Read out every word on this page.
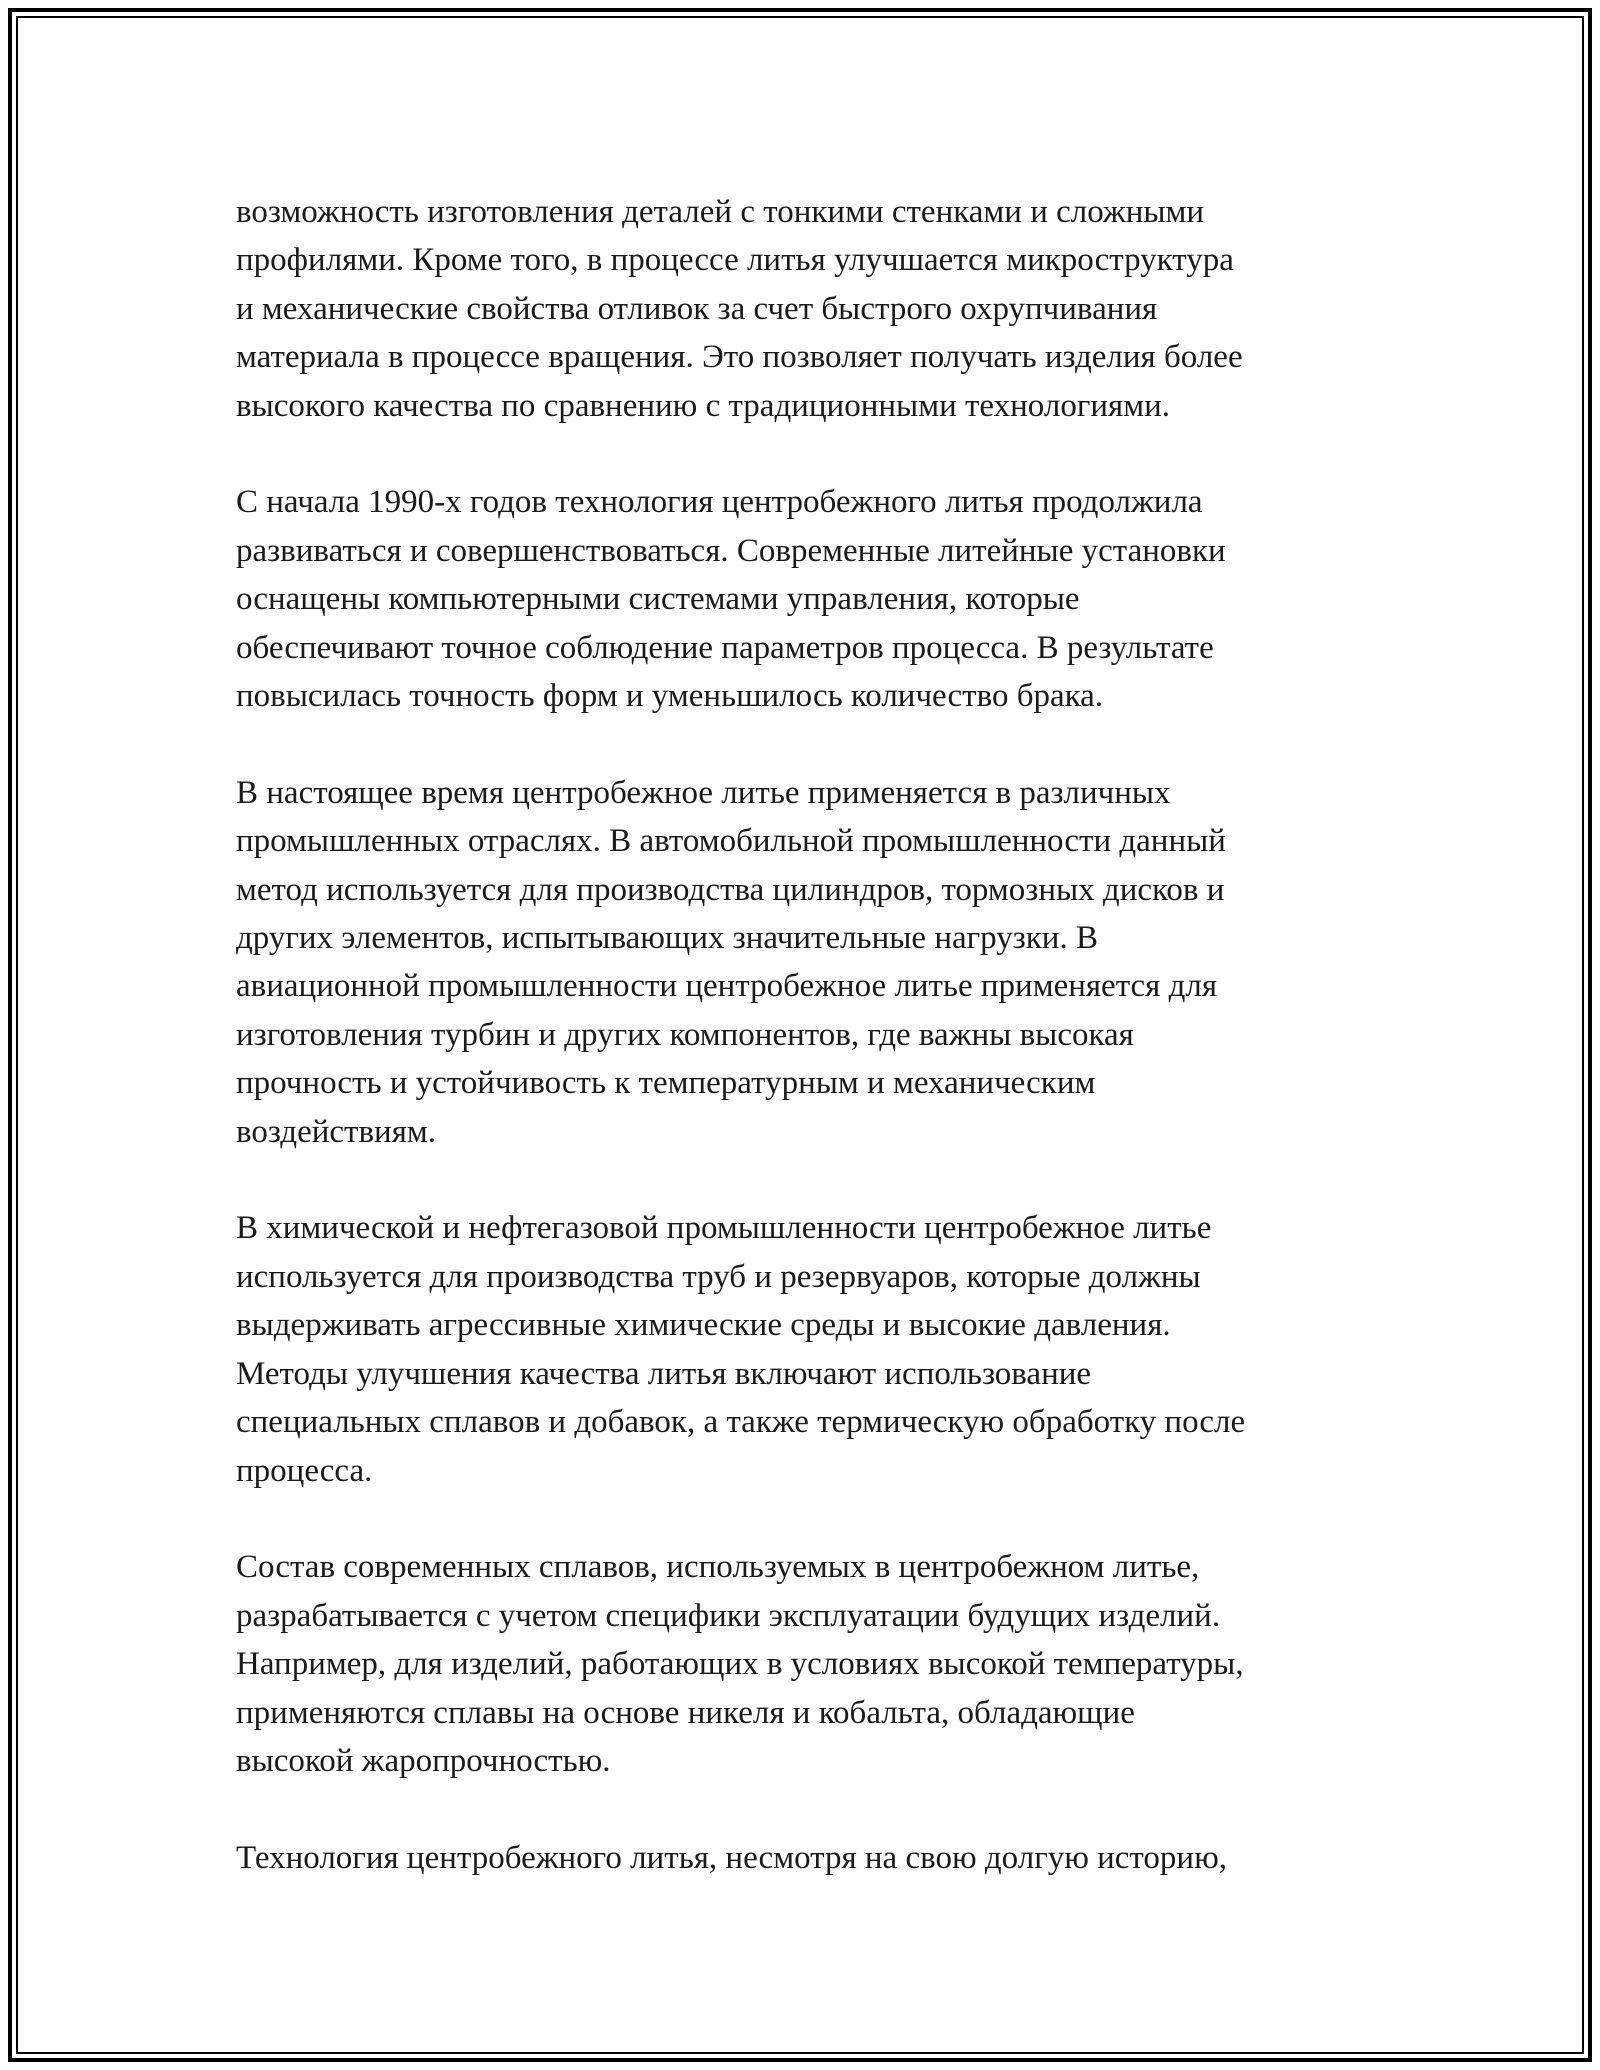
возможность изготовления деталей с тонкими стенками и сложными
профилями. Кроме того, в процессе литья улучшается микроструктура
и механические свойства отливок за счет быстрого охрупчивания
материала в процессе вращения. Это позволяет получать изделия более
высокого качества по сравнению с традиционными технологиями.

С начала 1990-х годов технология центробежного литья продолжила
развиваться и совершенствоваться. Современные литейные установки
оснащены компьютерными системами управления, которые
обеспечивают точное соблюдение параметров процесса. В результате
повысилась точность форм и уменьшилось количество брака.

В настоящее время центробежное литье применяется в различных
промышленных отраслях. В автомобильной промышленности данный
метод используется для производства цилиндров, тормозных дисков и
других элементов, испытывающих значительные нагрузки. В
авиационной промышленности центробежное литье применяется для
изготовления турбин и других компонентов, где важны высокая
прочность и устойчивость к температурным и механическим
воздействиям.

В химической и нефтегазовой промышленности центробежное литье
используется для производства труб и резервуаров, которые должны
выдерживать агрессивные химические среды и высокие давления.
Методы улучшения качества литья включают использование
специальных сплавов и добавок, а также термическую обработку после
процесса.

Состав современных сплавов, используемых в центробежном литье,
разрабатывается с учетом специфики эксплуатации будущих изделий.
Например, для изделий, работающих в условиях высокой температуры,
применяются сплавы на основе никеля и кобальта, обладающие
высокой жаропрочностью.

Технология центробежного литья, несмотря на свою долгую историю,
